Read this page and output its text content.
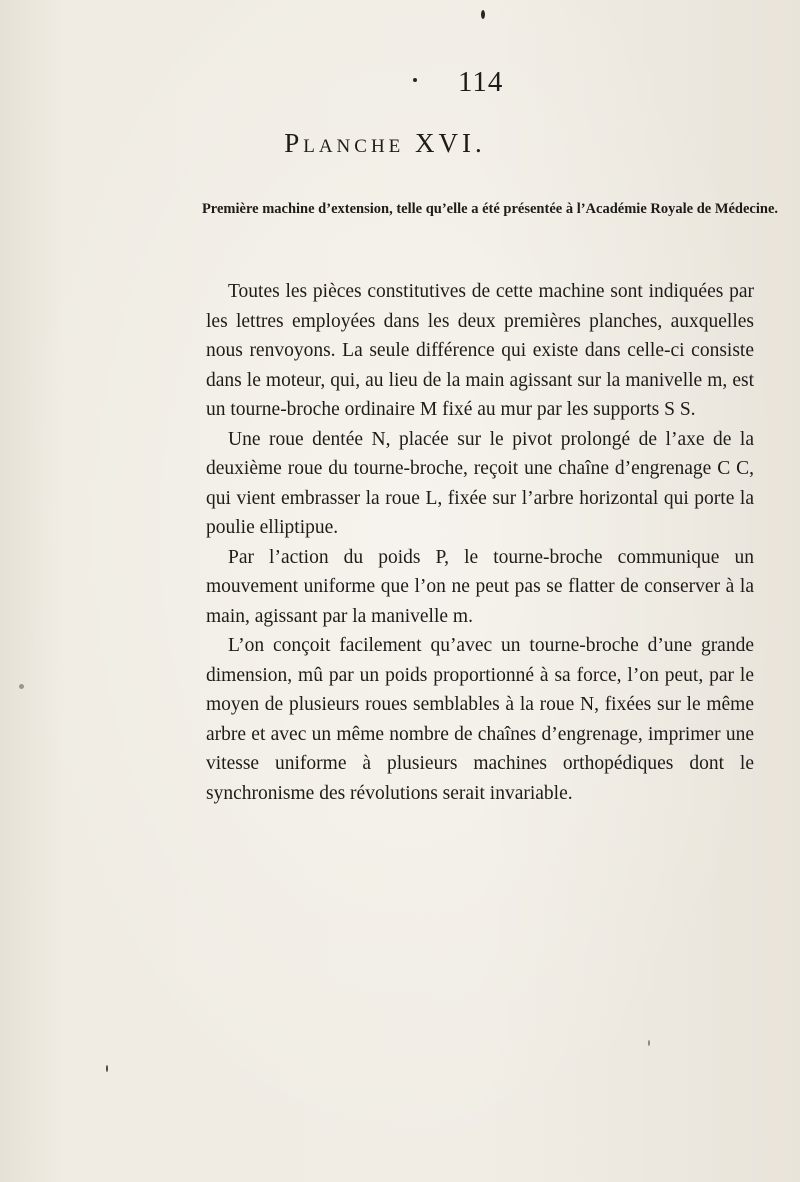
114
Planche XVI.
Première machine d’extension, telle qu’elle a été présentée à l’Académie Royale de Médecine.

Toutes les pièces constitutives de cette machine sont indiquées par les lettres employées dans les deux premières planches, auxquelles nous renvoyons. La seule différence qui existe dans celle-ci consiste dans le moteur, qui, au lieu de la main agissant sur la manivelle m, est un tourne-broche ordinaire M fixé au mur par les supports S S.

Une roue dentée N, placée sur le pivot prolongé de l’axe de la deuxième roue du tourne-broche, reçoit une chaîne d’engrenage C C, qui vient embrasser la roue L, fixée sur l’arbre horizontal qui porte la poulie elliptipue.

Par l’action du poids P, le tourne-broche communique un mouvement uniforme que l’on ne peut pas se flatter de conserver à la main, agissant par la manivelle m.

L’on conçoit facilement qu’avec un tourne-broche d’une grande dimension, mû par un poids proportionné à sa force, l’on peut, par le moyen de plusieurs roues semblables à la roue N, fixées sur le même arbre et avec un même nombre de chaînes d’engrenage, imprimer une vitesse uniforme à plusieurs machines orthopédiques dont le synchronisme des révolutions serait invariable.
